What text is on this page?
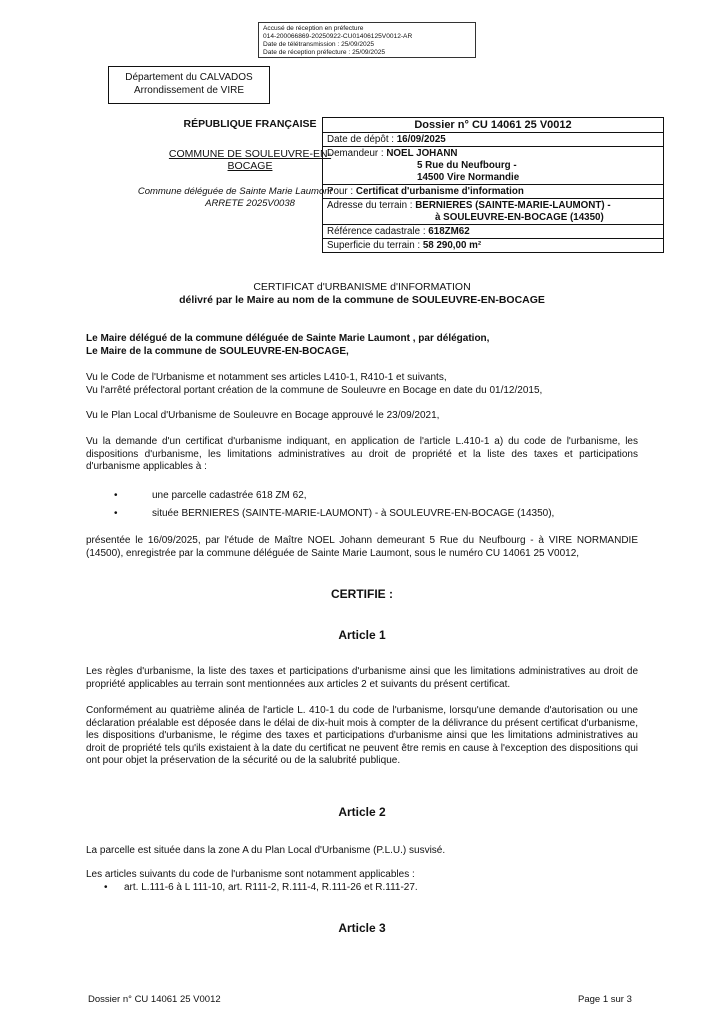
Accusé de réception en préfecture
014-200066869-20250922-CU01406125V0012-AR
Date de télétransmission : 25/09/2025
Date de réception préfecture : 25/09/2025
Département du CALVADOS
Arrondissement de VIRE
RÉPUBLIQUE FRANÇAISE
COMMUNE DE SOULEUVRE-EN-BOCAGE
Commune déléguée de Sainte Marie Laumont
ARRETE 2025V0038
Dossier n° CU 14061 25 V0012
Date de dépôt : 16/09/2025
Demandeur : NOEL JOHANN
5 Rue du Neufbourg -
14500 Vire Normandie
Pour : Certificat d'urbanisme d'information
Adresse du terrain : BERNIERES (SAINTE-MARIE-LAUMONT) -
à SOULEUVRE-EN-BOCAGE (14350)
Référence cadastrale : 618ZM62
Superficie du terrain : 58 290,00 m²
CERTIFICAT d'URBANISME d'INFORMATION
délivré par le Maire au nom de la commune de SOULEUVRE-EN-BOCAGE
Le Maire délégué de la commune déléguée de Sainte Marie Laumont , par délégation,
Le Maire de la commune de SOULEUVRE-EN-BOCAGE,
Vu le Code de l'Urbanisme et notamment ses articles L410-1, R410-1 et suivants,
Vu l'arrêté préfectoral portant création de la commune de Souleuvre en Bocage en date du 01/12/2015,
Vu le Plan Local d'Urbanisme de Souleuvre en Bocage approuvé le 23/09/2021,
Vu la demande d'un certificat d'urbanisme indiquant, en application de l'article L.410-1 a) du code de l'urbanisme, les dispositions d'urbanisme, les limitations administratives au droit de propriété et la liste des taxes et participations d'urbanisme applicables à :
•	une parcelle cadastrée 618 ZM 62,
•	située BERNIERES (SAINTE-MARIE-LAUMONT) - à SOULEUVRE-EN-BOCAGE (14350),
présentée le 16/09/2025, par l'étude de Maître NOEL Johann demeurant 5 Rue du Neufbourg - à VIRE NORMANDIE (14500), enregistrée par la commune déléguée de Sainte Marie Laumont, sous le numéro CU 14061 25 V0012,
CERTIFIE :
Article 1
Les règles d'urbanisme, la liste des taxes et participations d'urbanisme ainsi que les limitations administratives au droit de propriété applicables au terrain sont mentionnées aux articles 2 et suivants du présent certificat.
Conformément au quatrième alinéa de l'article L. 410-1 du code de l'urbanisme, lorsqu'une demande d'autorisation ou une déclaration préalable est déposée dans le délai de dix-huit mois à compter de la délivrance du présent certificat d'urbanisme, les dispositions d'urbanisme, le régime des taxes et participations d'urbanisme ainsi que les limitations administratives au droit de propriété tels qu'ils existaient à la date du certificat ne peuvent être remis en cause à l'exception des dispositions qui ont pour objet la préservation de la sécurité ou de la salubrité publique.
Article 2
La parcelle est située dans la zone A du Plan Local d'Urbanisme (P.L.U.) susvisé.
Les articles suivants du code de l'urbanisme sont notamment applicables :
• art. L.111-6 à L 111-10, art. R111-2, R.111-4, R.111-26 et R.111-27.
Article 3
Dossier n° CU 14061 25 V0012	Page 1 sur 3
